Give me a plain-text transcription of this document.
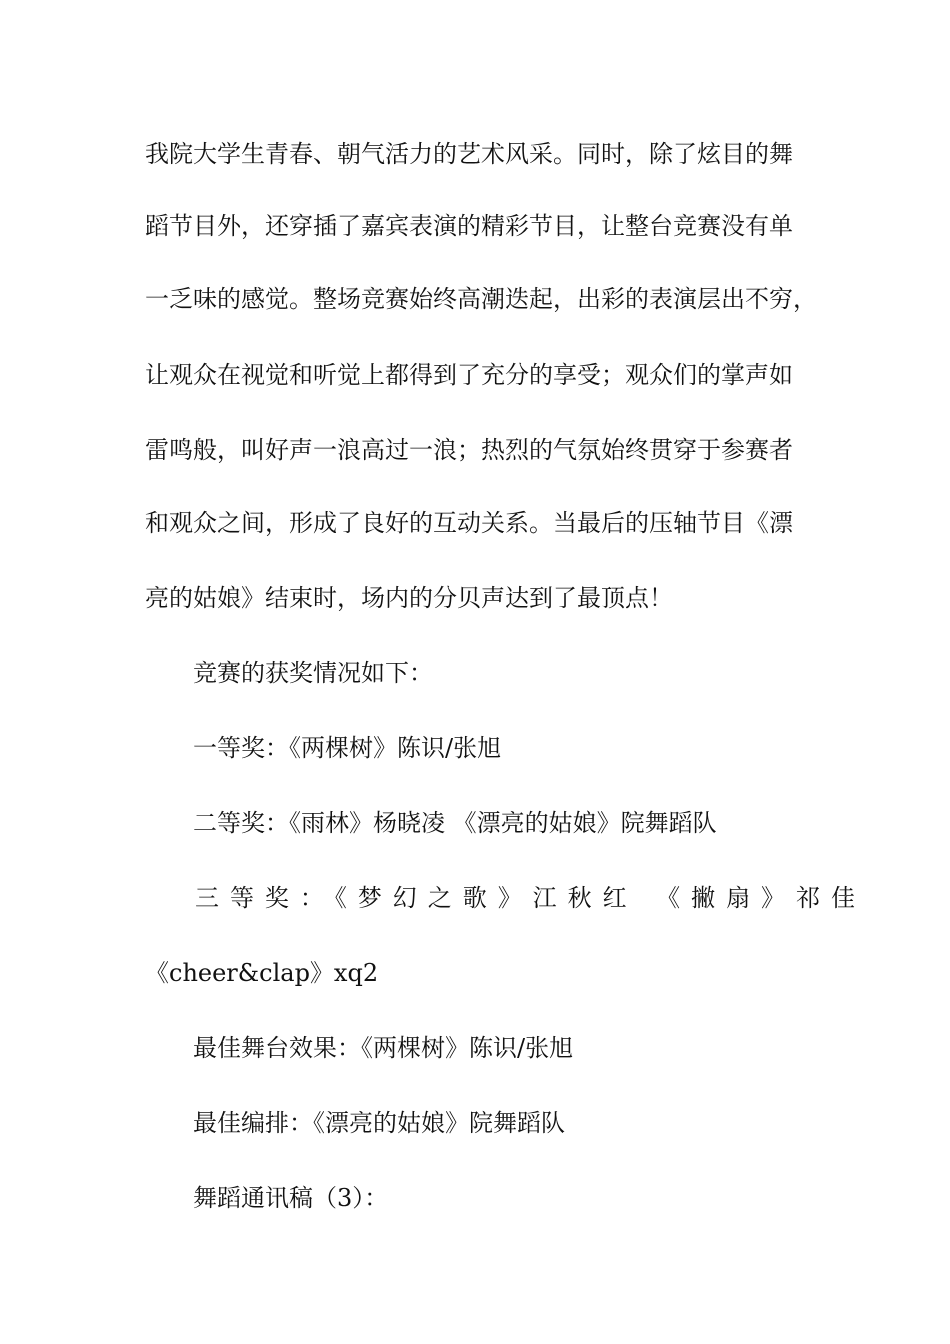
我院大学生青春、朝气活力的艺术风采。同时，除了炫目的舞
蹈节目外，还穿插了嘉宾表演的精彩节目，让整台竞赛没有单
一乏味的感觉。整场竞赛始终高潮迭起，出彩的表演层出不穷，
让观众在视觉和听觉上都得到了充分的享受；观众们的掌声如
雷鸣般，叫好声一浪高过一浪；热烈的气氛始终贯穿于参赛者
和观众之间，形成了良好的互动关系。当最后的压轴节目《漂
亮的姑娘》结束时，场内的分贝声达到了最顶点！
竞赛的获奖情况如下：
一等奖：《两棵树》陈识/张旭
二等奖：《雨林》杨晓凌 《漂亮的姑娘》院舞蹈队
三等奖：《梦幻之歌》江秋红 《撇扇》祁佳
《cheer&clap》xq2
最佳舞台效果：《两棵树》陈识/张旭
最佳编排：《漂亮的姑娘》院舞蹈队
舞蹈通讯稿（3）：
